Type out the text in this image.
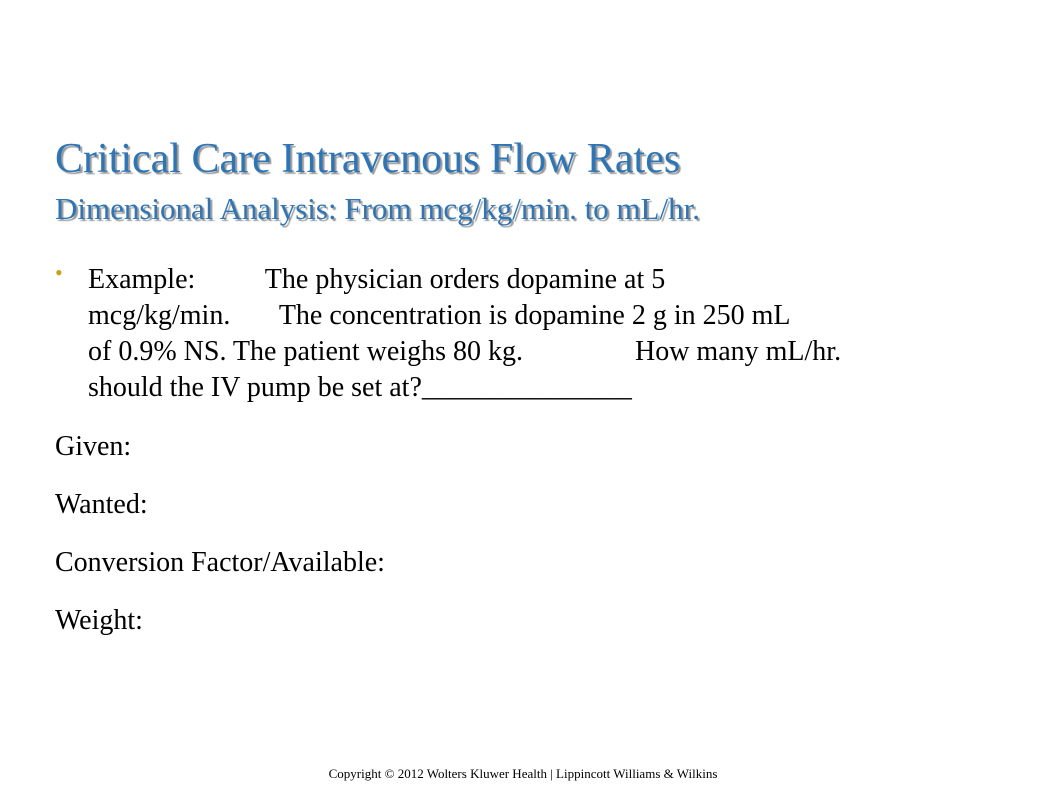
Critical Care Intravenous Flow Rates
Dimensional Analysis: From mcg/kg/min. to mL/hr.
• Example:          The physician orders dopamine at 5
mcg/kg/min.       The concentration is dopamine 2 g in 250 mL
of 0.9% NS. The patient weighs 80 kg.                How many mL/hr.
should the IV pump be set at?_______________
Given:
Wanted:
Conversion Factor/Available:
Weight:
Copyright © 2012 Wolters Kluwer Health | Lippincott Williams & Wilkins
